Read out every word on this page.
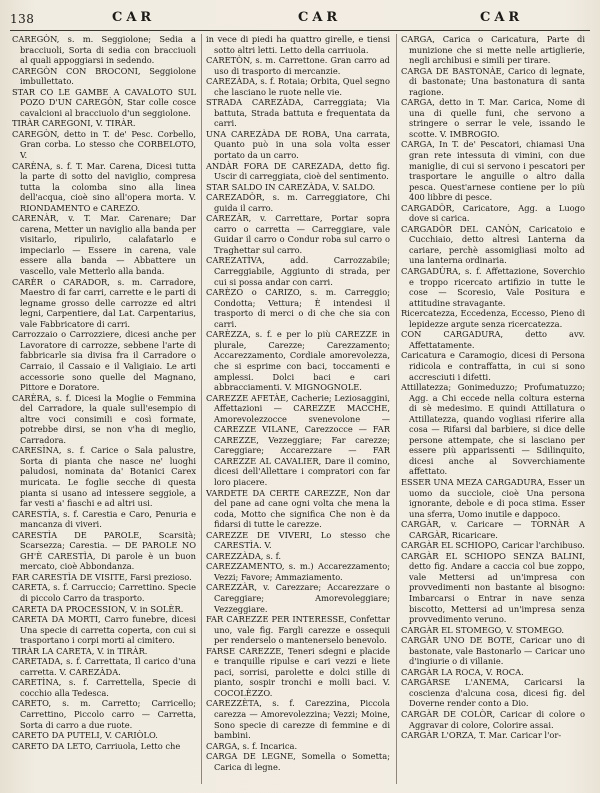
138	CAR	CAR	CAR

CAREGÒN, s. m. Seggiolone; Sedia a bracciuoli, Sorta di sedia con bracciuoli al quali appoggiarsi in sedendo.

CAREGÒN CON BROCONI, Seggiolone imbullettato.

STAR CO LE GAMBE A CAVALOTO SUL POZO D'UN CAREGÒN, Star colle cosce cavalcioni al bracciuolo d'un seggiolone.

TIRÀR CAREGONI, V. TIRÀR.

CAREGÒN, detto in T. de' Pesc. Corbello, Gran corba. Lo stesso che CORBELOTO, V.

CARÈNA, s. f. T. Mar. Carena, Dicesi tutta la parte di sotto del naviglio, compresa tutta la colomba sino alla linea dell'acqua, cioè sino all'opera morta. V. RIONDAMENTO e CAREZO.

CARENÀR, v. T. Mar. Carenare; Dar carena, Metter un naviglio alla banda per visitarlo, ripulirlo, calafatarlo e impeciarlo — Essere in carena, vale essere alla banda — Abbattere un vascello, vale Metterlo alla banda.

CARÈR o CARADOR, s. m. Carradore, Maestro di far carri, carrette e le parti di legname grosso delle carrozze ed altri legni, Carpentiere, dal Lat. Carpentarius, vale Fabbricatore di carri.

Carrozzaio o Carrozziere, dicesi anche per Lavoratore di carrozze, sebbene l'arte di fabbricarle sia divisa fra il Carradore o Carraio, il Cassaio e il Valigiaio. Le arti accessorie sono quelle del Magnano, Pittore e Doratore.

CARÈRA, s. f. Dicesi la Moglie o Femmina del Carradore, la quale sull'esempio di altre voci consimili e così formate, potrebbe dirsi, se non v'ha di meglio, Carradora.

CARESÌNA, s. f. Carice o Sala palustre, Sorta di pianta che nasce ne' luoghi paludosi, nominata da' Botanici Carex muricata. Le foglie secche di questa pianta si usano ad intessere seggiole, a far vesti a' fiaschi e ad altri usi.

CARESTÌA, s. f. Carestia e Caro, Penuria e mancanza di viveri.

CARESTÌA DE PAROLE, Scarsità; Scarsezza; Carestia. — DE PAROLE NO GH'È CARESTÌA, Di parole è un buon mercato, cioè Abbondanza.

FAR CARESTÌA DE VISITE, Farsi prezioso.

CARETA, s. f. Carruccio; Carrettino. Specie di piccolo Carro da trasporto.

CARETA DA PROCESSION, V. in SOLÈR.

CARETA DA MORTI, Carro funebre, dicesi Una specie di carretta coperta, con cui si trasportano i corpi morti al cimitero.

TIRÀR LA CARETA, V. in TIRÀR.

CARETADA, s. f. Carrettata, Il carico d'una carretta. V. CAREZÀDA.

CARETÌNA, s. f. Carrettella, Specie di cocchio alla Tedesca.

CARETO, s. m. Carretto; Carricello; Carrettino, Piccolo carro — Carretta, Sorta di carro a due ruote.

CARETO DA PUTELI, V. CARIÒLO.

CARETO DA LETO, Carriuola, Letto che

in vece di piedi ha quattro girelle, e tiensi sotto altri letti. Letto della carriuola.

CARETÒN, s. m. Carrettone. Gran carro ad uso di trasporto di mercanzie.

CAREZÀDA, s. f. Rotaia; Orbita, Quel segno che lasciano le ruote nelle vie.

STRADA CAREZÀDA, Carreggiata; Via battuta, Strada battuta e frequentata da carri.

UNA CAREZÀDA DE ROBA, Una carrata, Quanto può in una sola volta esser portato da un carro.

ANDÀR FORA DE CAREZADA, detto fig. Uscir di carreggiata, cioè del sentimento.

STAR SALDO IN CAREZÀDA, V. SALDO.

CAREZADÒR, s. m. Carreggiatore, Chi guida il carro.

CAREZÀR, v. Carrettare, Portar sopra carro o carretta — Carreggiare, vale Guidar il carro o Condur roba sul carro o Traghettar sul carro.

CAREZATÌVA, add. Carrozzabile; Carreggiabile, Aggiunto di strada, per cui si possa andar con carri.

CARÈZO o CARIZO, s. m. Carreggio; Condotta; Vettura; È intendesi il trasporto di merci o di che che sia con carri.

CARÈZZA, s. f. e per lo più CAREZZE in plurale, Carezze; Carezzamento; Accarezzamento, Cordiale amorevolezza, che si esprime con baci, toccamenti e amplessi. Dolci baci e cari abbracciamenti. V. MIGNOGNOLE.

CAREZZE AFETÀE, Cacherie; Leziosaggini, Affettazioni — CAREZZE MACCHE, Amorevolezzocce svenevolone — CAREZZE VILANE, Carezzocce — FAR CAREZZE, Vezzeggiare; Far carezze; Careggiare; Accarezzare — FAR CAREZZE AL CAVALIER, Dare il comino, dicesi dell'Allettare i compratori con far loro piacere.

VARDETE DA CERTE CAREZZE, Non dar del pane ad cane ogni volta che mena la coda, Motto che significa Che non è da fidarsi di tutte le carezze.

CAREZZE DE VIVERI, Lo stesso che CARESTÌA. V.

CAREZZÀDA, s. f.

CAREZZAMENTO, s. m.) Accarezzamento; Vezzi; Favore; Ammaziamento.

CAREZZÀR, v. Carezzare; Accarezzare o Careggiare; Amorevoleggiare; Vezzeggiare.

FAR CAREZZE PER INTERESSE, Confettar uno, vale fig. Fargli carezze e ossequii per renderselo o mantenerselo benevolo.

FARSE CAREZZE, Teneri sdegni e placide e tranquille ripulse e cari vezzi e liete paci, sorrisi, parolette e dolci stille di pianto, sospir tronchi e molli baci. V. COCOLÈZZO.

CAREZZÈTA, s. f. Carezzina, Piccola carezza — Amorevolezzina; Vezzi; Moine, Sono specie di carezze di femmine e di bambini.

CARGA, s. f. Incarica.

CARGA DE LEGNE, Somella o Sometta; Carica di legne.

CARGA, Carica o Caricatura, Parte di munizione che si mette nelle artiglierie, negli archibusi e simili per tirare.

CARGA DE BASTONÀE, Carico di legnate, di bastonate; Una bastonatura di santa ragione.

CARGA, detto in T. Mar. Carica, Nome di una di quelle funi, che servono a stringere o serrar le vele, issando le scotte. V. IMBROGIO.

CARGA, In T. de' Pescatori, chiamasi Una gran rete intessuta di vimini, con due maniglie, di cui si servono i pescatori per trasportare le anguille o altro dalla pesca. Quest'arnese contiene per lo più 400 libbre di pesce.

CARGADÒR, Caricatore, Agg. a Luogo dove si carica.

CARGADÒR DEL CANÒN, Caricatoio e Cucchiaio, detto altresì Lanterna da cariare, perchè assomigliasi molto ad una lanterna ordinaria.

CARGADÙRA, s. f. Affettazione, Soverchio e troppo ricercato artifizio in tutte le cose — Scoresio, Vale Positura e attitudine stravagante.

Ricercatezza, Eccedenza, Eccesso, Pieno di lepidezze argute senza ricercatezza.

CON CARGADURA, detto avv. Affettatamente.

Caricatura e Caramogio, dicesi di Persona ridicola e contraffatta, in cui si sono accresciuti i difetti.

Attillatezza; Gonimeduzzo; Profumatuzzo; Agg. a Chi eccede nella coltura esterna di sè medesimo. E quindi Attillatura o Attillatezza, quando vogliasi riferire alla cosa — Rifarsi dal barbiere, si dice delle persone attempate, che si lasciano per essere più apparissenti — Sdilinquito, dicesi anche al Sovverchiamente affettato.

ESSER UNA MEZA CARGADURA, Esser un uomo da succiole, cioè Una persona ignorante, debole e di poca stima. Esser una sferra, Uomo inutile e dappoco.

CARGÀR, v. Caricare — TORNÀR A CARGÀR, Ricaricare.

CARGÀR EL SCHIOPO, Caricar l'archibuso.

CARGÀR EL SCHIOPO SENZA BALINI, detto fig. Andare a caccia col bue zoppo, vale Mettersi ad un'impresa con provvedimenti non bastante al bisogno: Imbarcarsi o Entrar in nave senza biscotto, Mettersi ad un'impresa senza provvedimento veruno.

CARGÀR EL STOMEGO, V. STOMEGO.

CARGÀR UNO DE BOTE, Caricar uno di bastonate, vale Bastonarlo — Caricar uno d'ingiurie o di villanie.

CARGÀR LA ROCA, V. ROCA.

CARGÀRSE L'ANEMA, Caricarsi la coscienza d'alcuna cosa, dicesi fig. del Doverne render conto a Dio.

CARGÀR DE COLÒR, Caricar di colore o Aggravar di colore, Colorire assai.

CARGÀR L'ORZA, T. Mar. Caricar l'or-
